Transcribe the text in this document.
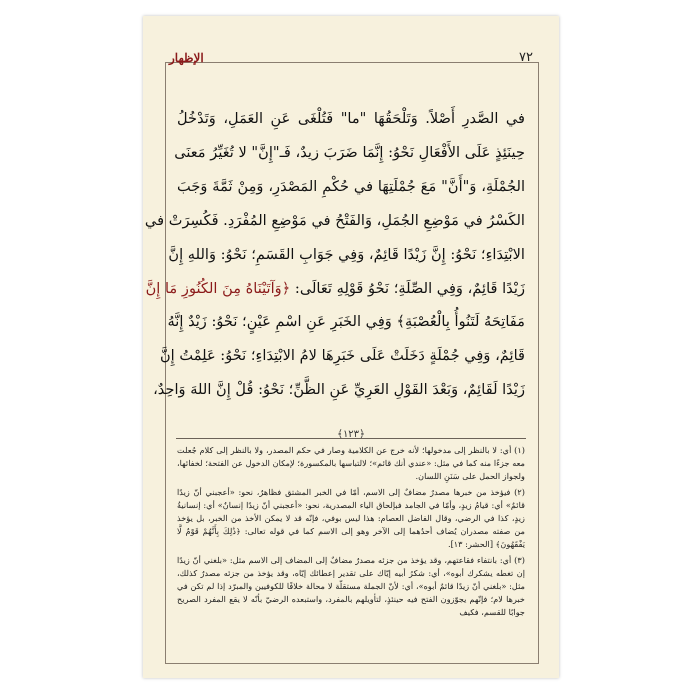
الإظهار	٧٢
في الصَّدرِ أَصْلاً. وَتَلْحَقُهَا "ما" فَتُلْغَى عَنِ العَمَلِ، وَتَدْخُلُ
حِينَئِذٍ عَلَى الأَفْعَالِ نَحْوُ: إِنَّمَا ضَرَبَ زيدٌ، فَـ"إِنَّ" لا تُغَيِّرُ مَعنَى
الجُمْلَةِ، وَ"أَنَّ" مَعَ جُمْلَتِهَا في حُكْمِ المَصْدَرِ، وَمِنْ ثَمَّةَ وَجَبَ
الكَسْرُ في مَوْضِعِ الجُمَلِ، وَالفَتْحُ في مَوْضِعِ المُفْرَدِ. فَكُسِرَتْ في
الابْتِدَاءِ؛ نَحْوُ: إِنَّ زَيْدًا قَائِمٌ، وَفِي جَوَابِ القَسَمِ؛ نَحْوُ: وَاللهِ إِنَّ
زَيْدًا قَائِمٌ، وَفِي الصِّلَةِ؛ نَحْوُ قَوْلِهِ تَعَالَى: ﴿وَآتَيْنَاهُ مِنَ الكُنُوزِ مَا إِنَّ
مَفَاتِحَهُ لَتَنُوأُ بِالْعُصْبَةِ﴾ وَفِي الخَبَرِ عَنِ اسْمِ عَيْنٍ؛ نَحْوُ: زَيْدٌ إِنَّهُ
قَائِمٌ، وَفِي جُمْلَةٍ دَخَلَتْ عَلَى خَبَرِهَا لامُ الابْتِدَاءِ؛ نَحْوُ: عَلِمْتُ إِنَّ
زَيْدًا لَقَائِمٌ، وَبَعْدَ القَوْلِ العَرِيِّ عَنِ الظَّنِّ؛ نَحْوُ: قُلْ إِنَّ اللهَ وَاحِدٌ،
﴿١٢٣﴾

(١) أي: لا بالنظر إلى مدخولها؛ لأنه خرج عن الكلامية وصار في حكم المصدر، ولا بالنظر إلى كلام جُعلت معه جزءًا منه كما في مثل: «عندي أنك قائم»؛ لالتباسها بالمكسورة؛ لإمكان الدخول عن الفتحة؛ لخفائها، ولجواز الحمل على سَنَنِ اللسان.

(٢) فيؤخذ من خبرها مصدرٌ مضافٌ إلى الاسم، أمّا في الخبر المشتق فظاهرٌ، نحو: «أعجبني أنّ زيدًا قائمٌ» أي: قيامُ زيدٍ، وأمّا في الجامد فبإلحاق الياء المصدرية، نحو: «أعجبني أنّ زيدًا إنسانٌ» أي: إنسانيةُ زيدٍ، كذا في الرضي، وقال الفاضل العصام: هذا ليس بوفي، فإنّه قد لا يمكن الأخذ من الخبر، بل يؤخذ من صفته مصدران يُضاف أحدُهما إلى الآخر وهو إلى الاسم كما في قوله تعالى: ﴿ذَٰلِكَ بِأَنَّهُمْ قَوْمٌ لَّا يَفْقَهُونَ﴾ [الحشر: ١٣].

(٣) أي: بانتفاء فقاعتهم، وقد يؤخذ من جزئه مصدرٌ مضافٌ إلى المضاف إلى الاسم مثل: «بلغني أنّ زيدًا إن تغطه يشكرك أبوه»، أي: شكرُ أبيه إيّاك على تقدير إعطائك إيّاه، وقد يؤخذ من جزئه مصدرٌ كذلك، مثل: «بلغني أنّ زيدًا قائمٌ أبوه»، أي: لأنّ الجملة مستقلّة لا محالة خلافًا للكوفيين والمبرّد إذا لم تكن في خبرها لام؛ فإنّهم يجوّزون الفتح فيه حينئذٍ، لتأويلهم بالمفرد، واستبعده الرضيّ بأنّه لا يقع المفرد الصريح جوابًا للقسم، فكيف
